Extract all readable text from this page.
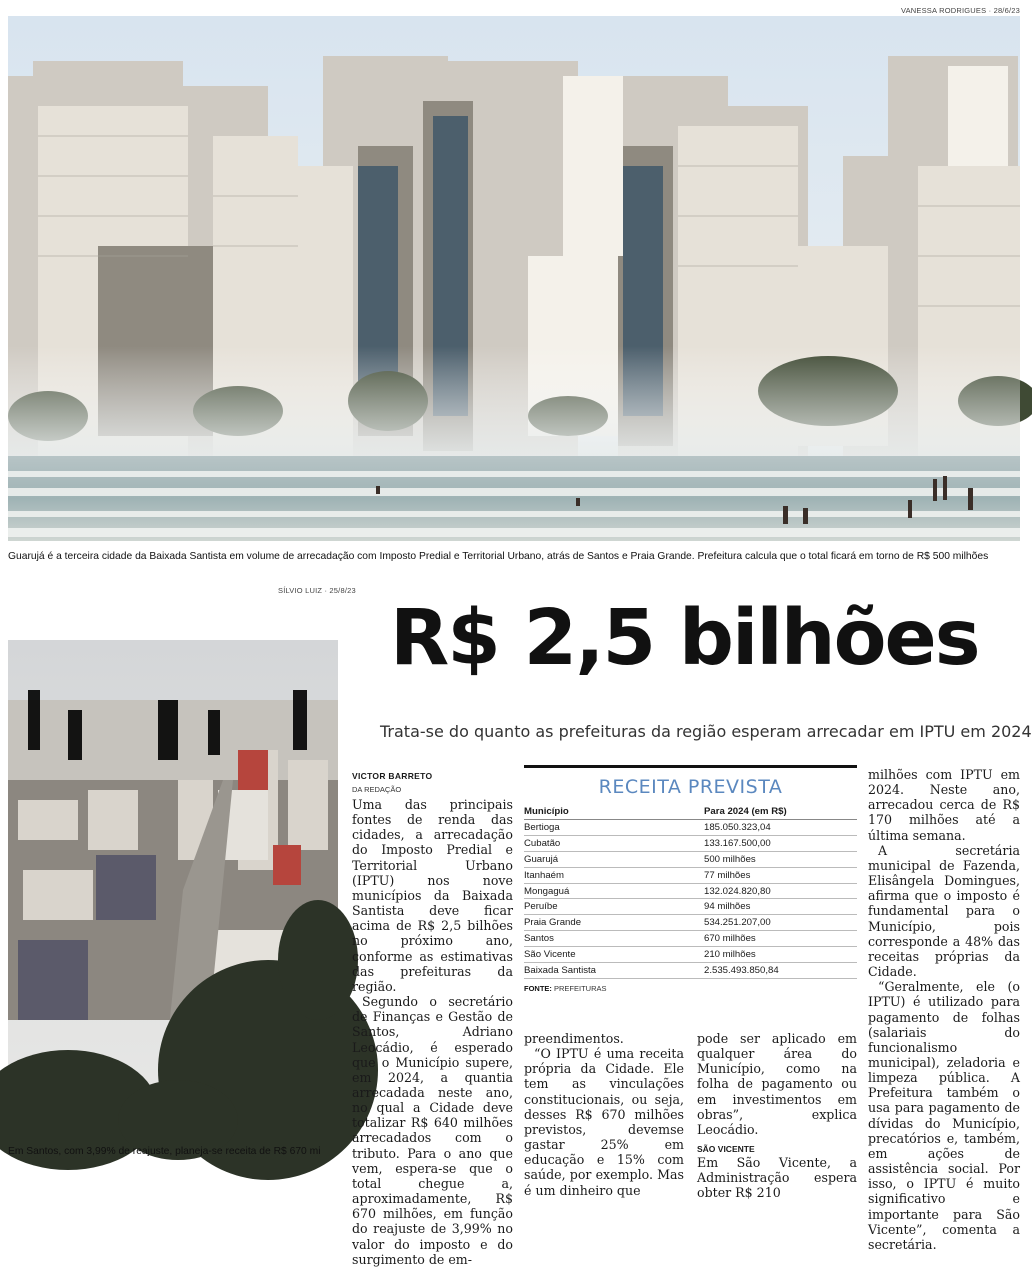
VANESSA RODRIGUES · 28/6/23
Guarujá é a terceira cidade da Baixada Santista em volume de arrecadação com Imposto Predial e Territorial Urbano, atrás de Santos e Praia Grande. Prefeitura calcula que o total ficará em torno de R$ 500 milhões
SÍLVIO LUIZ · 25/8/23
Em Santos, com 3,99% de reajuste, planeja-se receita de R$ 670 mi
R$ 2,5 bilhões
Trata-se do quanto as prefeituras da região esperam arrecadar em IPTU em 2024
VICTOR BARRETO
DA REDAÇÃO

Uma das principais fontes de renda das cidades, a arrecadação do Imposto Predial e Territorial Urbano (IPTU) nos nove municípios da Baixada Santista deve ficar acima de R$ 2,5 bilhões no próximo ano, conforme as estimativas das prefeituras da região.

Segundo o secretário de Finanças e Gestão de Santos, Adriano Leocádio, é esperado que o Município supere, em 2024, a quantia arrecadada neste ano, no qual a Cidade deve totalizar R$ 640 milhões arrecadados com o tributo. Para o ano que vem, espera-se que o total chegue a, aproximadamente, R$ 670 milhões, em função do reajuste de 3,99% no valor do imposto e do surgimento de em-

RECEITA PREVISTA
Município	Para 2024 (em R$)
Bertioga	185.050.323,04
Cubatão	133.167.500,00
Guarujá	500 milhões
Itanhaém	77 milhões
Mongaguá	132.024.820,80
Peruíbe	94 milhões
Praia Grande	534.251.207,00
Santos	670 milhões
São Vicente	210 milhões
Baixada Santista	2.535.493.850,84
FONTE: PREFEITURAS

preendimentos.

“O IPTU é uma receita própria da Cidade. Ele tem as vinculações constitucionais, ou seja, desses R$ 670 milhões previstos, devemse gastar 25% em educação e 15% com saúde, por exemplo. Mas é um dinheiro que

pode ser aplicado em qualquer área do Município, como na folha de pagamento ou em investimentos em obras”, explica Leocádio.

SÃO VICENTE

Em São Vicente, a Administração espera obter R$ 210

milhões com IPTU em 2024. Neste ano, arrecadou cerca de R$ 170 milhões até a última semana.

A secretária municipal de Fazenda, Elisângela Domingues, afirma que o imposto é fundamental para o Município, pois corresponde a 48% das receitas próprias da Cidade.

“Geralmente, ele (o IPTU) é utilizado para pagamento de folhas (salariais do funcionalismo municipal), zeladoria e limpeza pública. A Prefeitura também o usa para pagamento de dívidas do Município, precatórios e, também, em ações de assistência social. Por isso, o IPTU é muito significativo e importante para São Vicente”, comenta a secretária.
